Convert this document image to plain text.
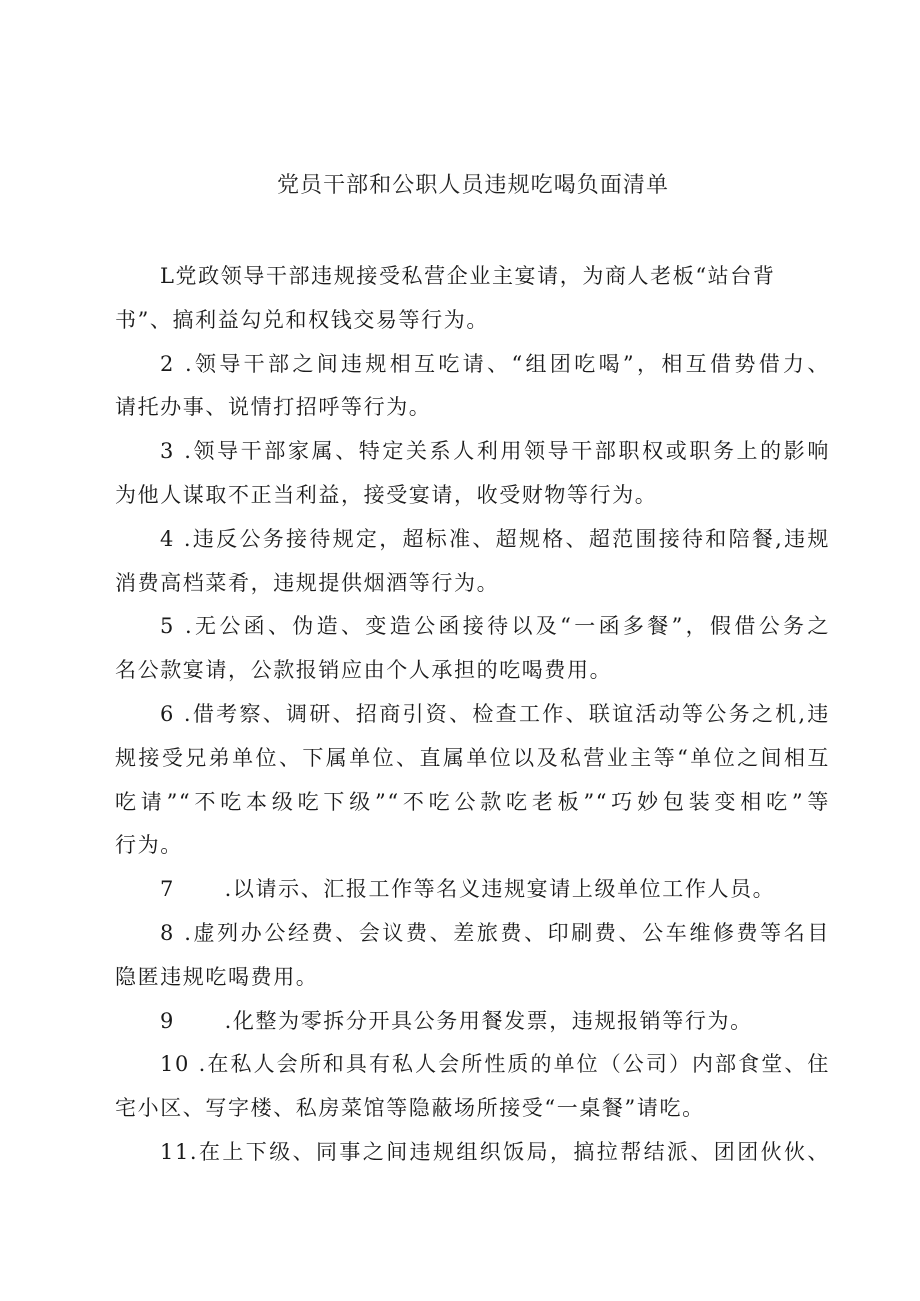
党员干部和公职人员违规吃喝负面清单
L党政领导干部违规接受私营企业主宴请，为商人老板“站台背
书”、搞利益勾兑和权钱交易等行为。
2 .领导干部之间违规相互吃请、“组团吃喝”，相互借势借力、
请托办事、说情打招呼等行为。
3 .领导干部家属、特定关系人利用领导干部职权或职务上的影响
为他人谋取不正当利益，接受宴请，收受财物等行为。
4 .违反公务接待规定，超标准、超规格、超范围接待和陪餐,违规
消费高档菜肴，违规提供烟酒等行为。
5 .无公函、伪造、变造公函接待以及“一函多餐”，假借公务之
名公款宴请，公款报销应由个人承担的吃喝费用。
6 .借考察、调研、招商引资、检查工作、联谊活动等公务之机,违
规接受兄弟单位、下属单位、直属单位以及私营业主等“单位之间相互
吃请”“不吃本级吃下级”“不吃公款吃老板”“巧妙包装变相吃”等
行为。
7      .以请示、汇报工作等名义违规宴请上级单位工作人员。
8 .虚列办公经费、会议费、差旅费、印刷费、公车维修费等名目
隐匿违规吃喝费用。
9      .化整为零拆分开具公务用餐发票，违规报销等行为。
10 .在私人会所和具有私人会所性质的单位（公司）内部食堂、住
宅小区、写字楼、私房菜馆等隐蔽场所接受“一桌餐”请吃。
11.在上下级、同事之间违规组织饭局，搞拉帮结派、团团伙伙、
